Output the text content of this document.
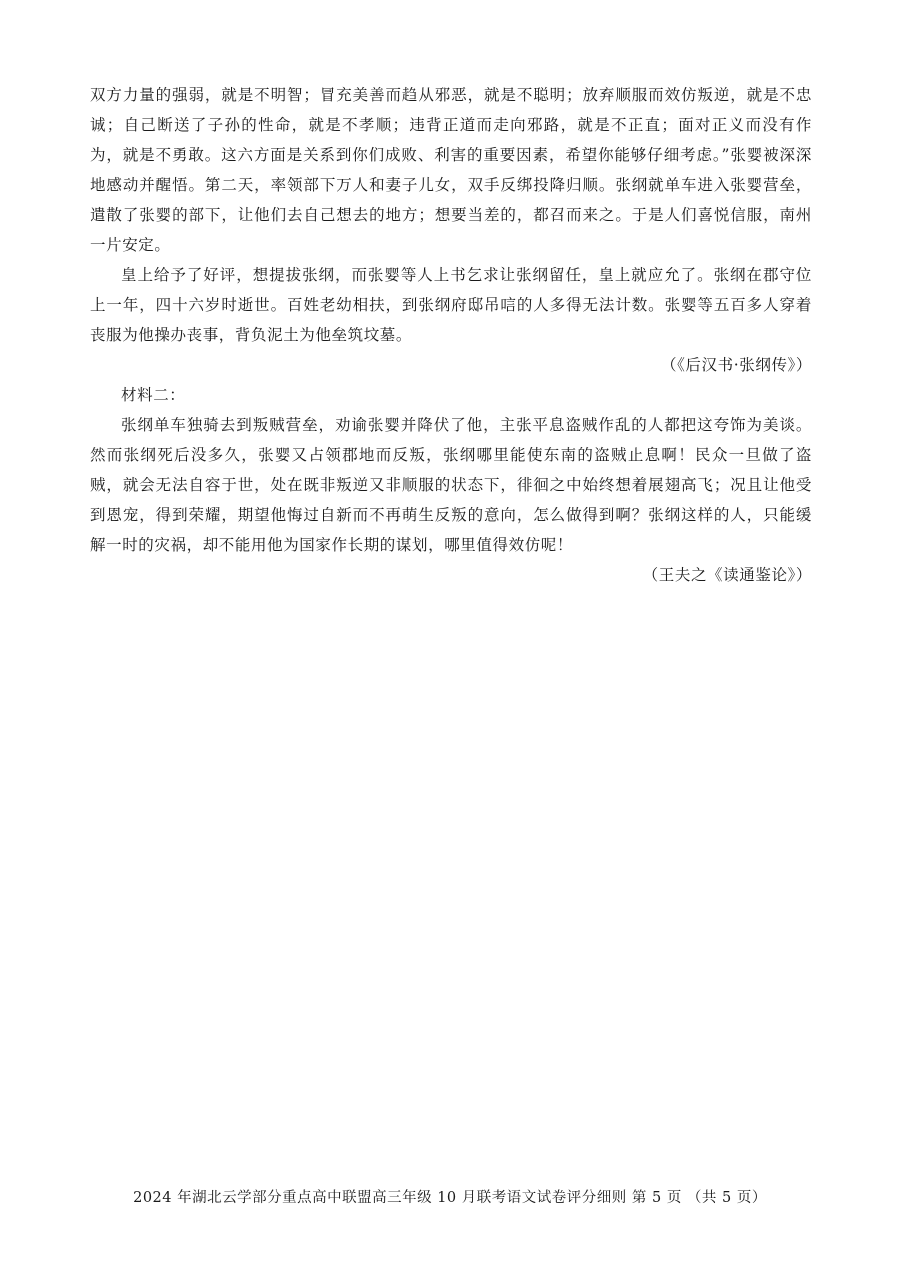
双方力量的强弱，就是不明智；冒充美善而趋从邪恶，就是不聪明；放弃顺服而效仿叛逆，就是不忠诚；自己断送了子孙的性命，就是不孝顺；违背正道而走向邪路，就是不正直；面对正义而没有作为，就是不勇敢。这六方面是关系到你们成败、利害的重要因素，希望你能够仔细考虑。”张婴被深深地感动并醒悟。第二天，率领部下万人和妻子儿女，双手反绑投降归顺。张纲就单车进入张婴营垒，遣散了张婴的部下，让他们去自己想去的地方；想要当差的，都召而来之。于是人们喜悦信服，南州一片安定。

皇上给予了好评，想提拔张纲，而张婴等人上书乞求让张纲留任，皇上就应允了。张纲在郡守位上一年，四十六岁时逝世。百姓老幼相扶，到张纲府邸吊唁的人多得无法计数。张婴等五百多人穿着丧服为他操办丧事，背负泥土为他垒筑坟墓。

（《后汉书·张纲传》）

材料二：

张纲单车独骑去到叛贼营垒，劝谕张婴并降伏了他，主张平息盗贼作乱的人都把这夸饰为美谈。然而张纲死后没多久，张婴又占领郡地而反叛，张纲哪里能使东南的盗贼止息啊！民众一旦做了盗贼，就会无法自容于世，处在既非叛逆又非顺服的状态下，徘徊之中始终想着展翅高飞；况且让他受到恩宠，得到荣耀，期望他悔过自新而不再萌生反叛的意向，怎么做得到啊？张纲这样的人，只能缓解一时的灾祸，却不能用他为国家作长期的谋划，哪里值得效仿呢！

（王夫之《读通鉴论》）

2024 年湖北云学部分重点高中联盟高三年级 10 月联考语文试卷评分细则 第 5 页 （共 5 页）
